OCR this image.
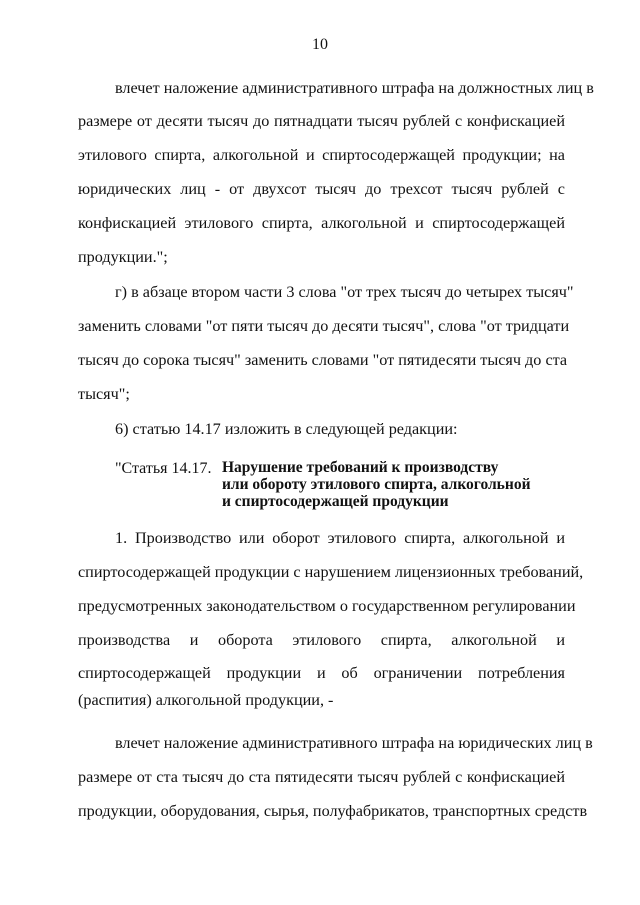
10
влечет наложение административного штрафа на должностных лиц в
размере от десяти тысяч до пятнадцати тысяч рублей с конфискацией
этилового спирта, алкогольной и спиртосодержащей продукции; на
юридических лиц - от двухсот тысяч до трехсот тысяч рублей с
конфискацией этилового спирта, алкогольной и спиртосодержащей
продукции.";
г) в абзаце втором части 3 слова "от трех тысяч до четырех тысяч"
заменить словами "от пяти тысяч до десяти тысяч", слова "от тридцати
тысяч до сорока тысяч" заменить словами "от пятидесяти тысяч до ста
тысяч";
6) статью 14.17 изложить в следующей редакции:
"Статья 14.17. Нарушение требований к производству
или обороту этилового спирта, алкогольной
и спиртосодержащей продукции
1. Производство или оборот этилового спирта, алкогольной и
спиртосодержащей продукции с нарушением лицензионных требований,
предусмотренных законодательством о государственном регулировании
производства и оборота этилового спирта, алкогольной и
спиртосодержащей продукции и об ограничении потребления
(распития) алкогольной продукции, -
влечет наложение административного штрафа на юридических лиц в
размере от ста тысяч до ста пятидесяти тысяч рублей с конфискацией
продукции, оборудования, сырья, полуфабрикатов, транспортных средств
